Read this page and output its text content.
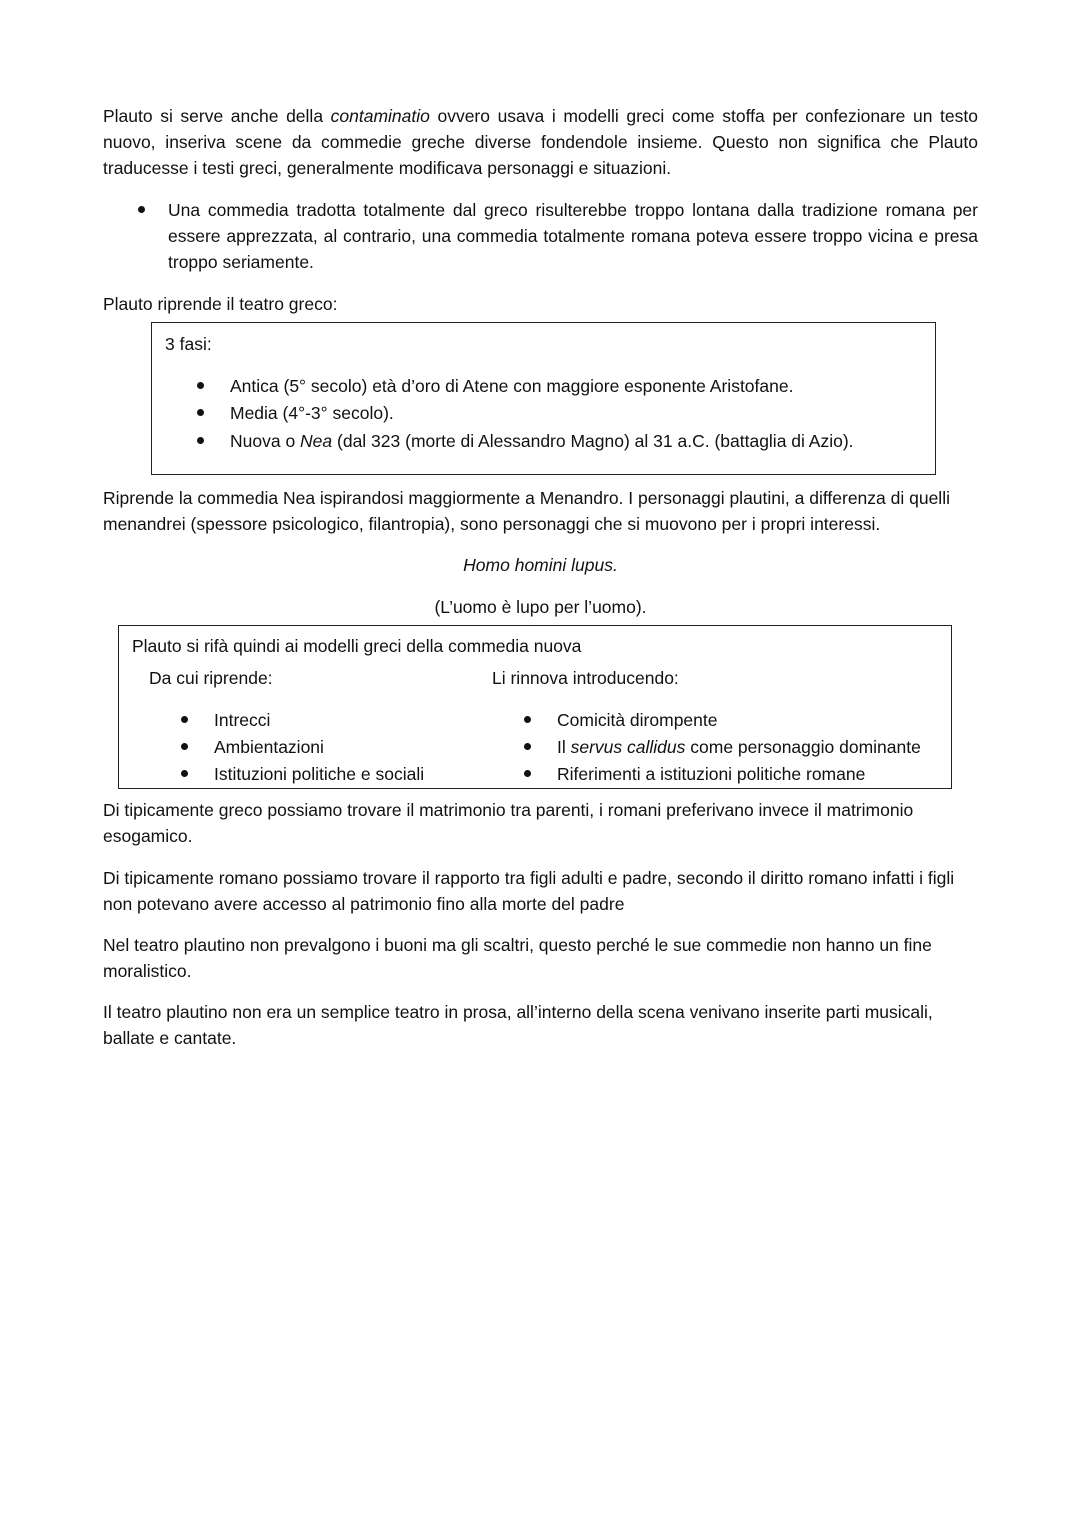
Plauto si serve anche della contaminatio ovvero usava i modelli greci come stoffa per confezionare un testo nuovo, inseriva scene da commedie greche diverse fondendole insieme. Questo non significa che Plauto traducesse i testi greci, generalmente modificava personaggi e situazioni.

Una commedia tradotta totalmente dal greco risulterebbe troppo lontana dalla tradizione romana per essere apprezzata, al contrario, una commedia totalmente romana poteva essere troppo vicina e presa troppo seriamente.

Plauto riprende il teatro greco:

3 fasi:
Antica (5° secolo) età d’oro di Atene con maggiore esponente Aristofane.
Media (4°-3° secolo).
Nuova o Nea (dal 323 (morte di Alessandro Magno) al 31 a.C. (battaglia di Azio).

Riprende la commedia Nea ispirandosi maggiormente a Menandro. I personaggi plautini, a differenza di quelli menandrei (spessore psicologico, filantropia), sono personaggi che si muovono per i propri interessi.

Homo homini lupus.

(L’uomo è lupo per l’uomo).

Plauto si rifà quindi ai modelli greci della commedia nuova
Da cui riprende:	Li rinnova introducendo:
Intrecci
Ambientazioni
Istituzioni politiche e sociali
Comicità dirompente
Il servus callidus come personaggio dominante
Riferimenti a istituzioni politiche romane

Di tipicamente greco possiamo trovare il matrimonio tra parenti, i romani preferivano invece il matrimonio esogamico.

Di tipicamente romano possiamo trovare il rapporto tra figli adulti e padre, secondo il diritto romano infatti i figli non potevano avere accesso al patrimonio fino alla morte del padre

Nel teatro plautino non prevalgono i buoni ma gli scaltri, questo perché le sue commedie non hanno un fine moralistico.

Il teatro plautino non era un semplice teatro in prosa, all’interno della scena venivano inserite parti musicali, ballate e cantate.
